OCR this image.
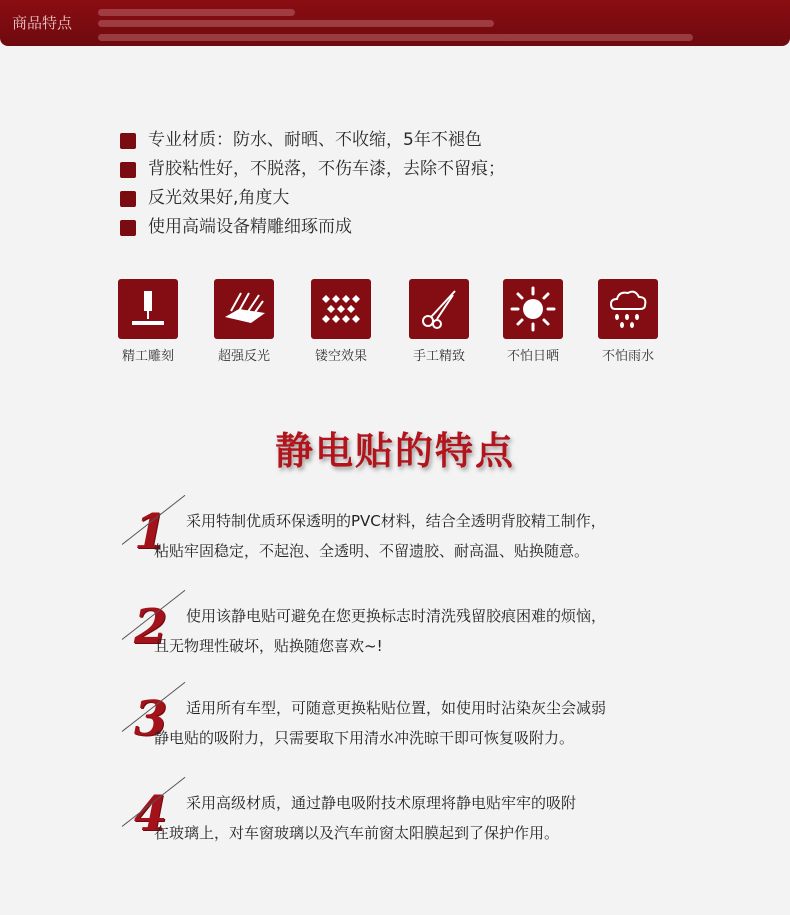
商品特点
专业材质：防水、耐晒、不收缩，5年不褪色
背胶粘性好，不脱落，不伤车漆，去除不留痕；
反光效果好,角度大
使用高端设备精雕细琢而成
精工雕刻	超强反光	镂空效果	手工精致	不怕日晒	不怕雨水
静电贴的特点
1 采用特制优质环保透明的PVC材料，结合全透明背胶精工制作，
粘贴牢固稳定，不起泡、全透明、不留遗胶、耐高温、贴换随意。
2 使用该静电贴可避免在您更换标志时清洗残留胶痕困难的烦恼，
且无物理性破坏，贴换随您喜欢~!
3 适用所有车型，可随意更换粘贴位置，如使用时沾染灰尘会减弱
静电贴的吸附力，只需要取下用清水冲洗晾干即可恢复吸附力。
4 采用高级材质，通过静电吸附技术原理将静电贴牢牢的吸附
在玻璃上，对车窗玻璃以及汽车前窗太阳膜起到了保护作用。
